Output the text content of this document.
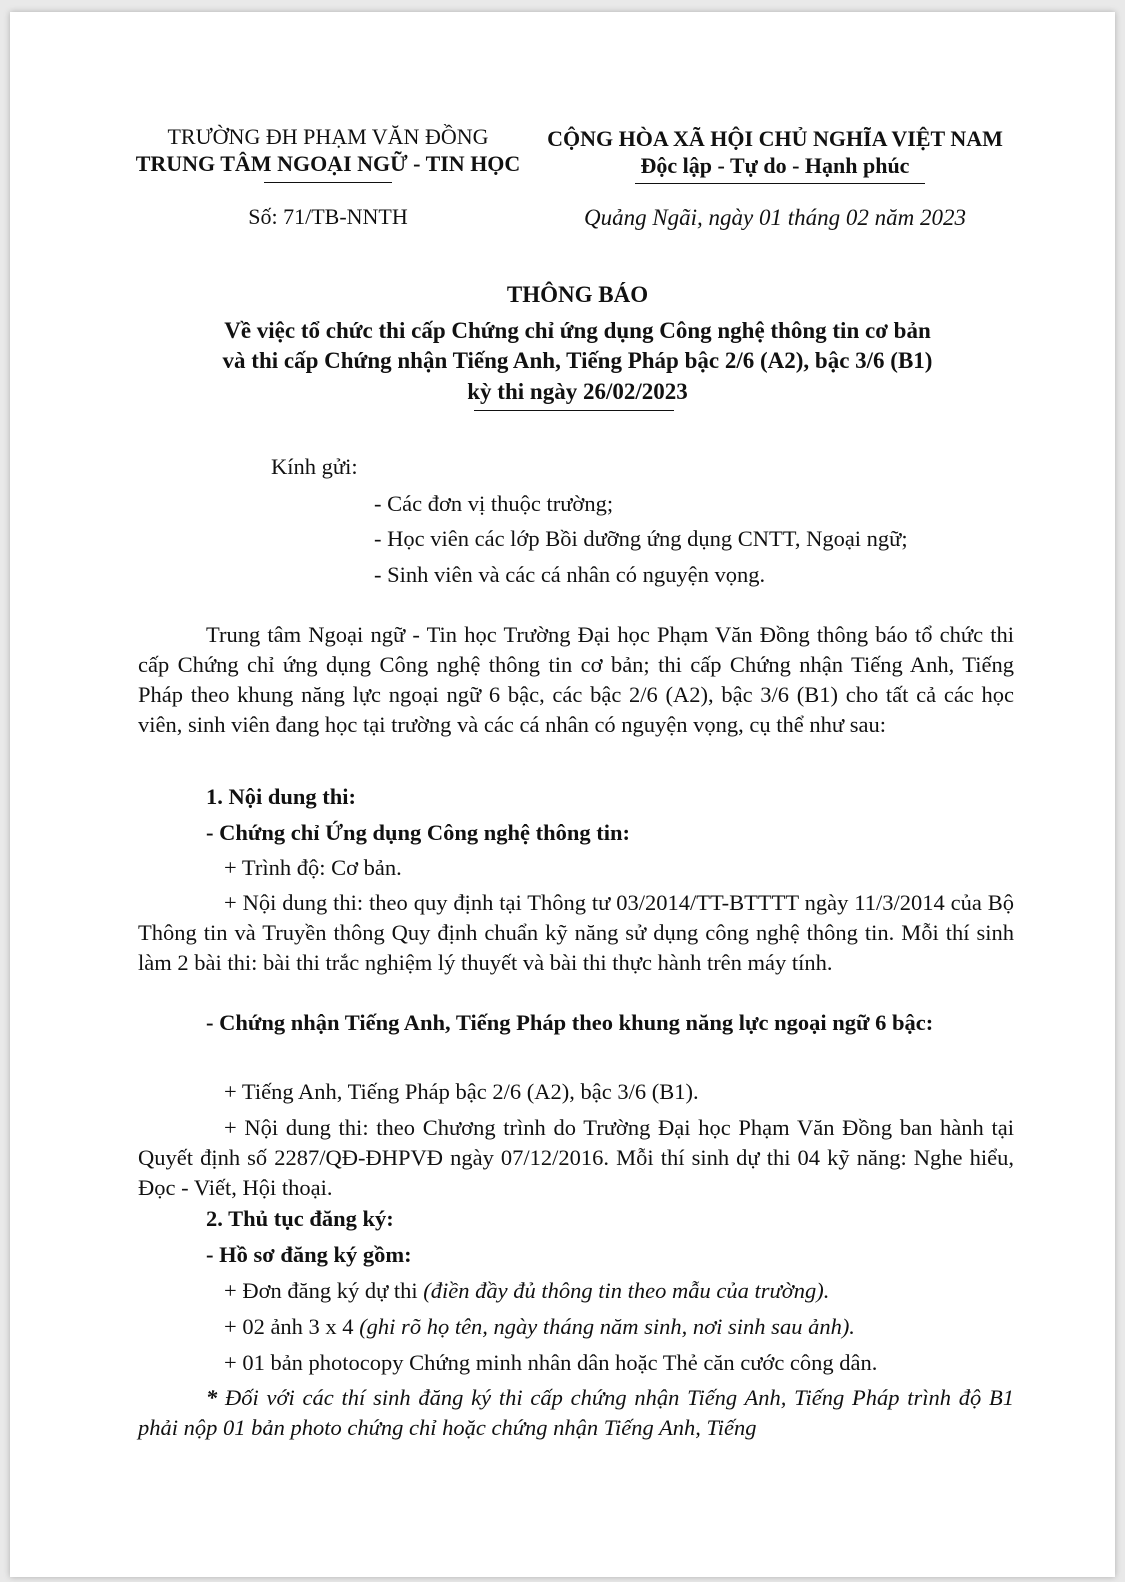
TRƯỜNG ĐH PHẠM VĂN ĐỒNG
TRUNG TÂM NGOẠI NGỮ - TIN HỌC
CỘNG HÒA XÃ HỘI CHỦ NGHĨA VIỆT NAM
Độc lập - Tự do - Hạnh phúc
Số: 71/TB-NNTH	Quảng Ngãi, ngày 01 tháng 02 năm 2023
THÔNG BÁO
Về việc tổ chức thi cấp Chứng chỉ ứng dụng Công nghệ thông tin cơ bản
và thi cấp Chứng nhận Tiếng Anh, Tiếng Pháp bậc 2/6 (A2), bậc 3/6 (B1)
kỳ thi ngày 26/02/2023
Kính gửi:
- Các đơn vị thuộc trường;
- Học viên các lớp Bồi dưỡng ứng dụng CNTT, Ngoại ngữ;
- Sinh viên và các cá nhân có nguyện vọng.
Trung tâm Ngoại ngữ - Tin học Trường Đại học Phạm Văn Đồng thông báo tổ chức thi cấp Chứng chỉ ứng dụng Công nghệ thông tin cơ bản; thi cấp Chứng nhận Tiếng Anh, Tiếng Pháp theo khung năng lực ngoại ngữ 6 bậc, các bậc 2/6 (A2), bậc 3/6 (B1) cho tất cả các học viên, sinh viên đang học tại trường và các cá nhân có nguyện vọng, cụ thể như sau:
1. Nội dung thi:
- Chứng chỉ Ứng dụng Công nghệ thông tin:
+ Trình độ: Cơ bản.
+ Nội dung thi: theo quy định tại Thông tư 03/2014/TT-BTTTT ngày 11/3/2014 của Bộ Thông tin và Truyền thông Quy định chuẩn kỹ năng sử dụng công nghệ thông tin. Mỗi thí sinh làm 2 bài thi: bài thi trắc nghiệm lý thuyết và bài thi thực hành trên máy tính.
- Chứng nhận Tiếng Anh, Tiếng Pháp theo khung năng lực ngoại ngữ 6 bậc:
+ Tiếng Anh, Tiếng Pháp bậc 2/6 (A2), bậc 3/6 (B1).
+ Nội dung thi: theo Chương trình do Trường Đại học Phạm Văn Đồng ban hành tại Quyết định số 2287/QĐ-ĐHPVĐ ngày 07/12/2016. Mỗi thí sinh dự thi 04 kỹ năng: Nghe hiểu, Đọc - Viết, Hội thoại.
2. Thủ tục đăng ký:
- Hồ sơ đăng ký gồm:
+ Đơn đăng ký dự thi (điền đầy đủ thông tin theo mẫu của trường).
+ 02 ảnh 3 x 4 (ghi rõ họ tên, ngày tháng năm sinh, nơi sinh sau ảnh).
+ 01 bản photocopy Chứng minh nhân dân hoặc Thẻ căn cước công dân.
* Đối với các thí sinh đăng ký thi cấp chứng nhận Tiếng Anh, Tiếng Pháp trình độ B1 phải nộp 01 bản photo chứng chỉ hoặc chứng nhận Tiếng Anh, Tiếng
